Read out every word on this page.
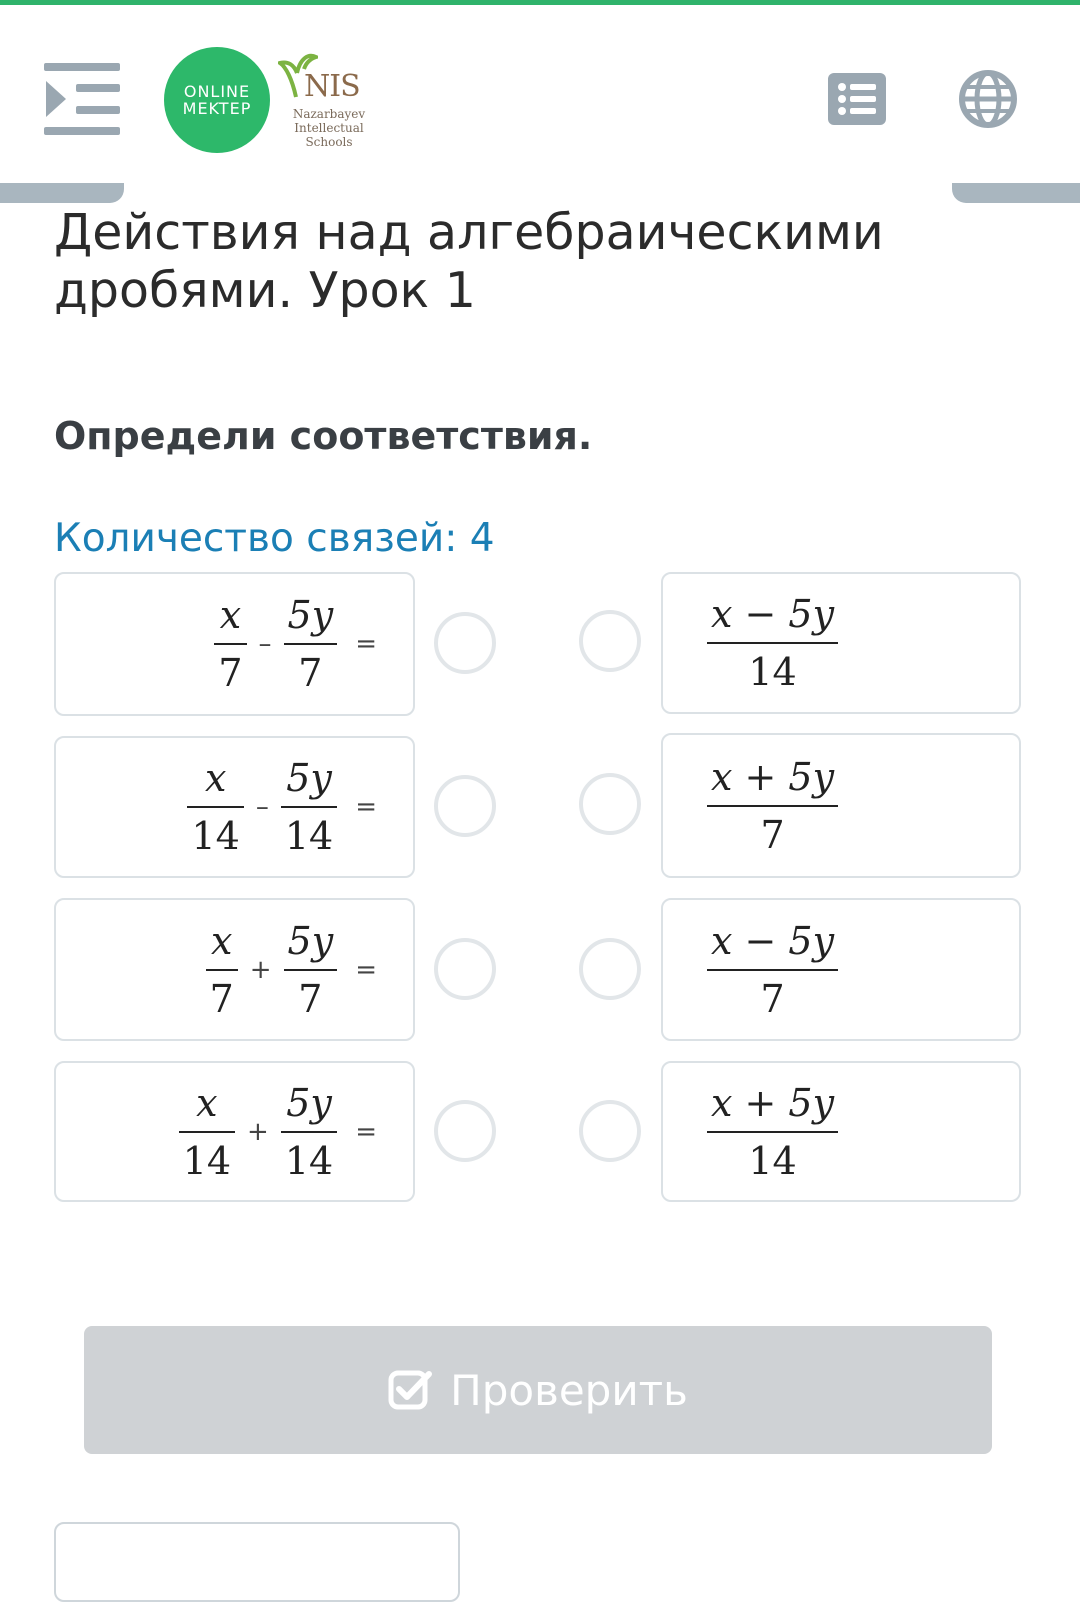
ONLINE
MEKTEP
NIS
Nazarbayev
Intellectual
Schools
Действия над алгебраическими дробями. Урок 1
Определи соответствия.
Количество связей: 4
$\frac{x}{7} - \frac{5y}{7}$ =	$\frac{x - 5y}{14}$
$\frac{x}{14} - \frac{5y}{14}$ =	$\frac{x + 5y}{7}$
$\frac{x}{7} + \frac{5y}{7}$ =	$\frac{x - 5y}{7}$
$\frac{x}{14} + \frac{5y}{14}$ =	$\frac{x + 5y}{14}$
Проверить
